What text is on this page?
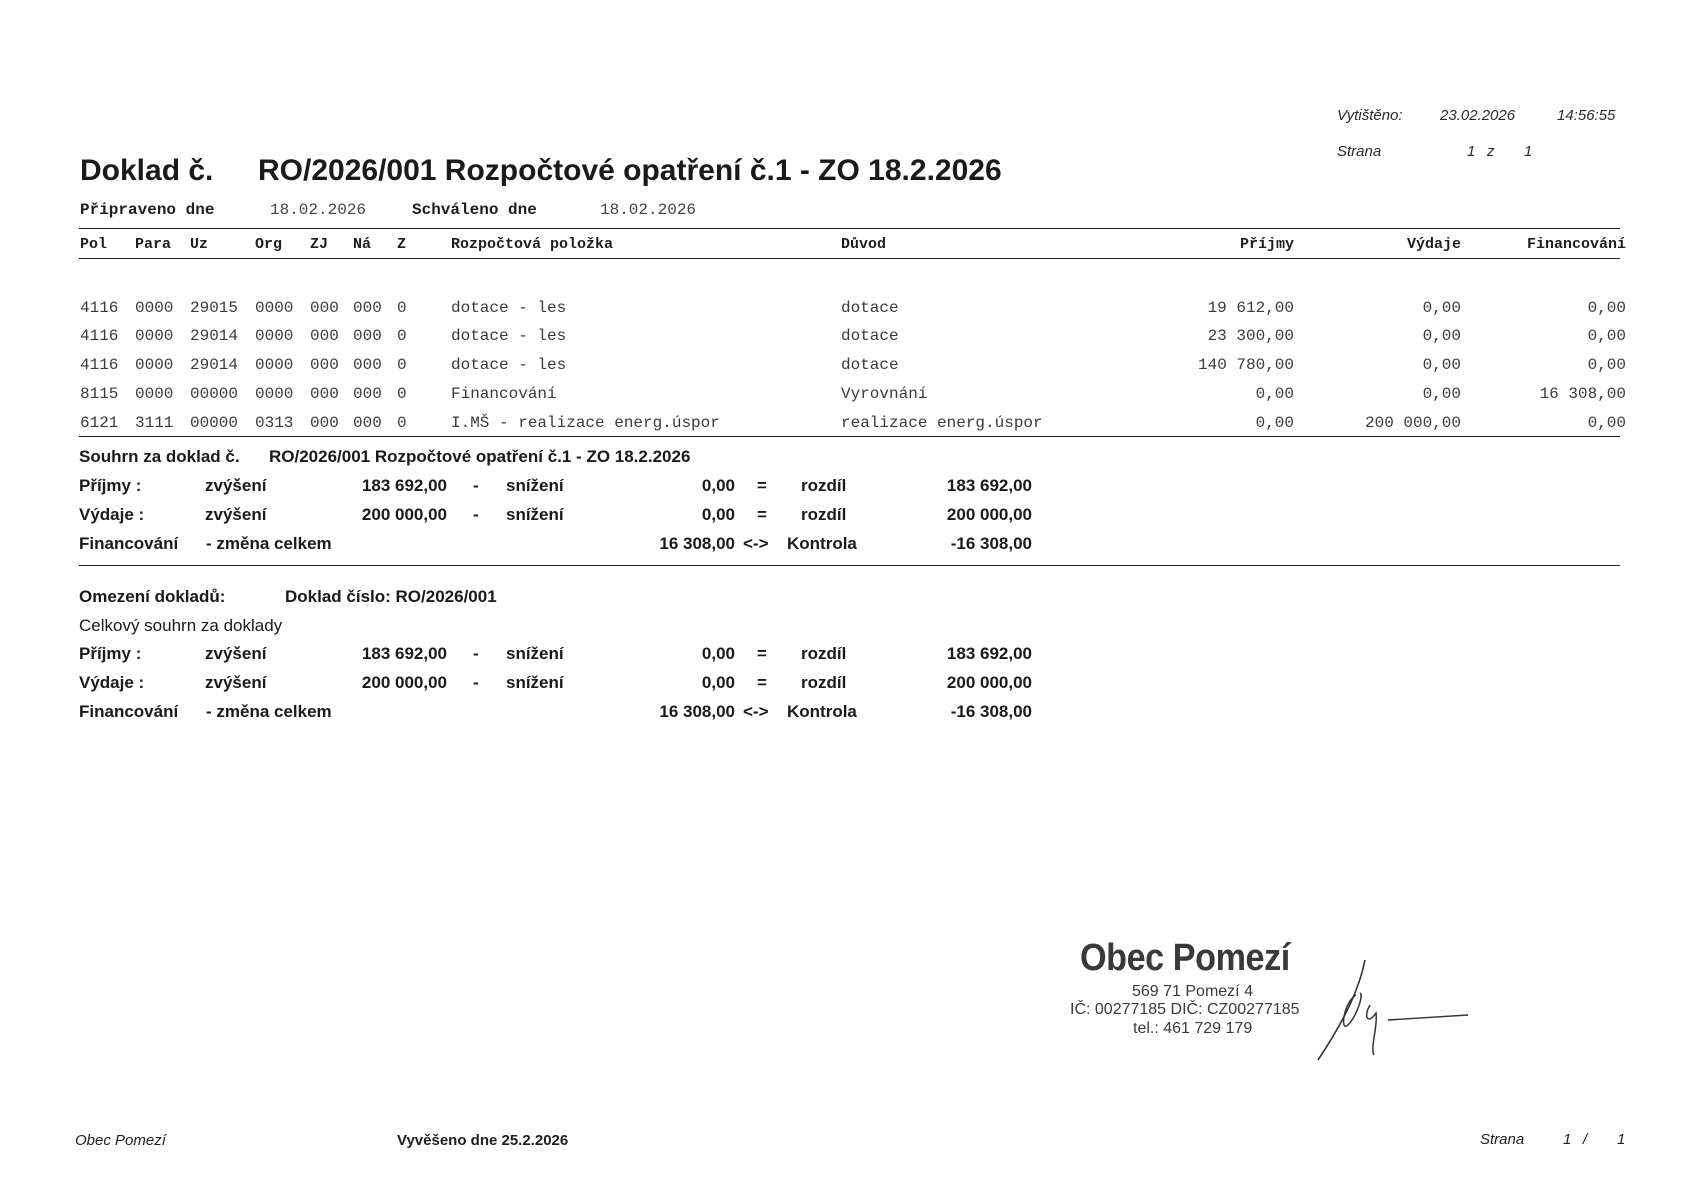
Vytištěno: 23.02.2026	14:56:55
Strana	1 z 1
Doklad č. RO/2026/001 Rozpočtové opatření č.1 - ZO 18.2.2026
Připraveno dne	18.02.2026	Schváleno dne	18.02.2026
Pol Para Uz	Org ZJ Ná Z	Rozpočtová položka	Důvod	Příjmy	Výdaje	Financování
4116 0000 29015 0000 000 000 0	dotace - les	dotace	19 612,00	0,00	0,00
4116 0000 29014 0000 000 000 0	dotace - les	dotace	23 300,00	0,00	0,00
4116 0000 29014 0000 000 000 0	dotace - les	dotace	140 780,00	0,00	0,00
8115 0000 00000 0000 000 000 0	Financování	Vyrovnání	0,00	0,00	16 308,00
6121 3111 00000 0313 000 000 0	I.MŠ - realizace energ.úspor	realizace energ.úspor	0,00	200 000,00	0,00
Souhrn za doklad č. RO/2026/001 Rozpočtové opatření č.1 - ZO 18.2.2026
Příjmy :	zvýšení	183 692,00 - snížení	0,00 = rozdíl	183 692,00
Výdaje :	zvýšení	200 000,00 - snížení	0,00 = rozdíl	200 000,00
Financování - změna celkem	16 308,00 <-> Kontrola	-16 308,00
Omezení dokladů:	Doklad číslo: RO/2026/001
Celkový souhrn za doklady
Příjmy :	zvýšení	183 692,00 - snížení	0,00 = rozdíl	183 692,00
Výdaje :	zvýšení	200 000,00 - snížení	0,00 = rozdíl	200 000,00
Financování - změna celkem	16 308,00 <-> Kontrola	-16 308,00
Obec Pomezí
569 71 Pomezí 4
IČ: 00277185 DIČ: CZ00277185
tel.: 461 729 179
Obec Pomezí	Vyvěšeno dne 25.2.2026	Strana	1 / 1
